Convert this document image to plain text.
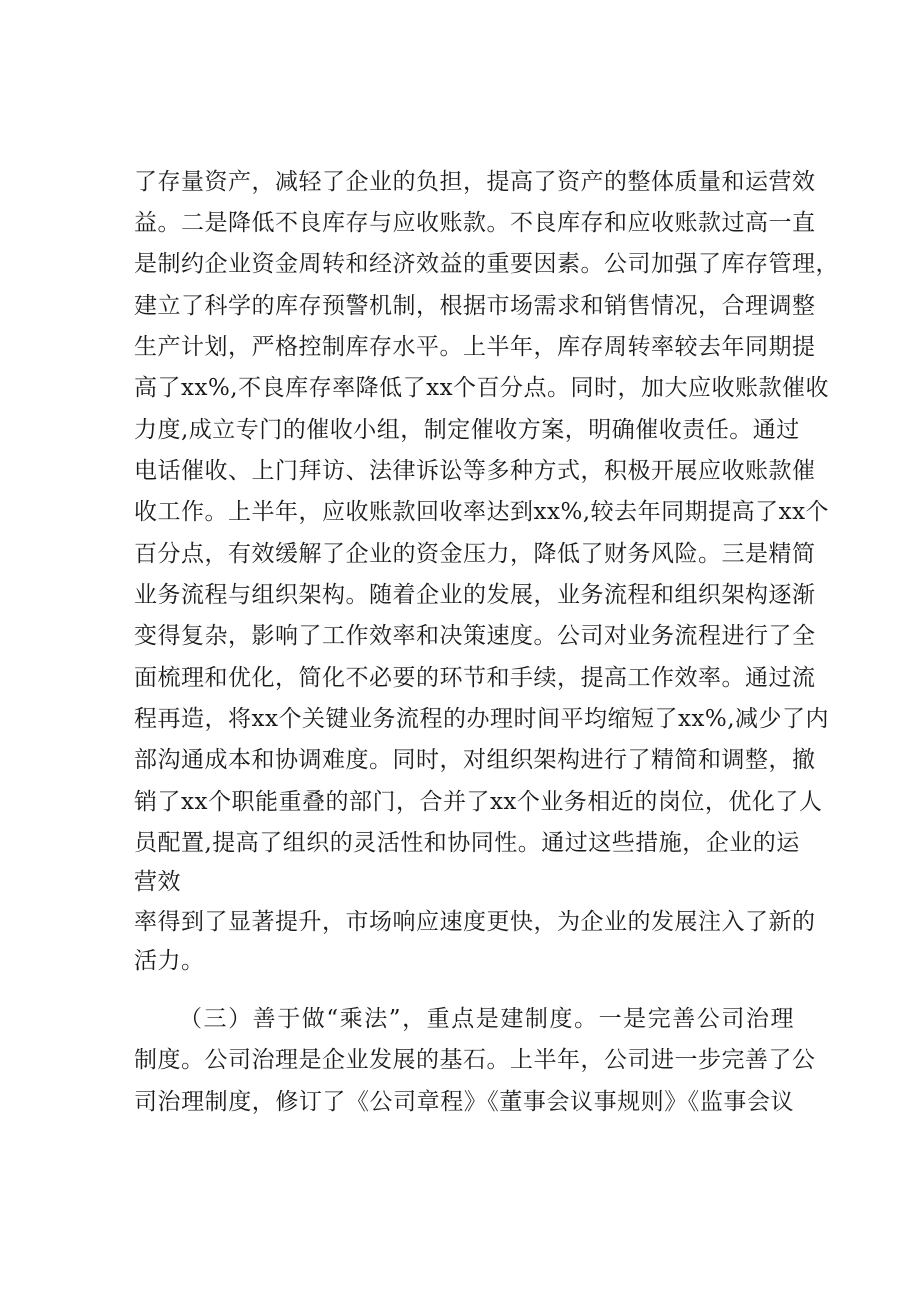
了存量资产，减轻了企业的负担，提高了资产的整体质量和运营效
益。二是降低不良库存与应收账款。不良库存和应收账款过高一直
是制约企业资金周转和经济效益的重要因素。公司加强了库存管理，
建立了科学的库存预警机制，根据市场需求和销售情况，合理调整
生产计划，严格控制库存水平。上半年，库存周转率较去年同期提
高了xx%,不良库存率降低了xx个百分点。同时，加大应收账款催收
力度,成立专门的催收小组，制定催收方案，明确催收责任。通过
电话催收、上门拜访、法律诉讼等多种方式，积极开展应收账款催
收工作。上半年，应收账款回收率达到xx%,较去年同期提高了xx个
百分点，有效缓解了企业的资金压力，降低了财务风险。三是精简
业务流程与组织架构。随着企业的发展，业务流程和组织架构逐渐
变得复杂，影响了工作效率和决策速度。公司对业务流程进行了全
面梳理和优化，简化不必要的环节和手续，提高工作效率。通过流
程再造，将xx个关键业务流程的办理时间平均缩短了xx%,减少了内
部沟通成本和协调难度。同时，对组织架构进行了精简和调整，撤
销了xx个职能重叠的部门，合并了xx个业务相近的岗位，优化了人
员配置,提高了组织的灵活性和协同性。通过这些措施，企业的运
营效
率得到了显著提升，市场响应速度更快，为企业的发展注入了新的
活力。
（三）善于做“乘法”，重点是建制度。一是完善公司治理
制度。公司治理是企业发展的基石。上半年，公司进一步完善了公
司治理制度，修订了《公司章程》《董事会议事规则》《监事会议
